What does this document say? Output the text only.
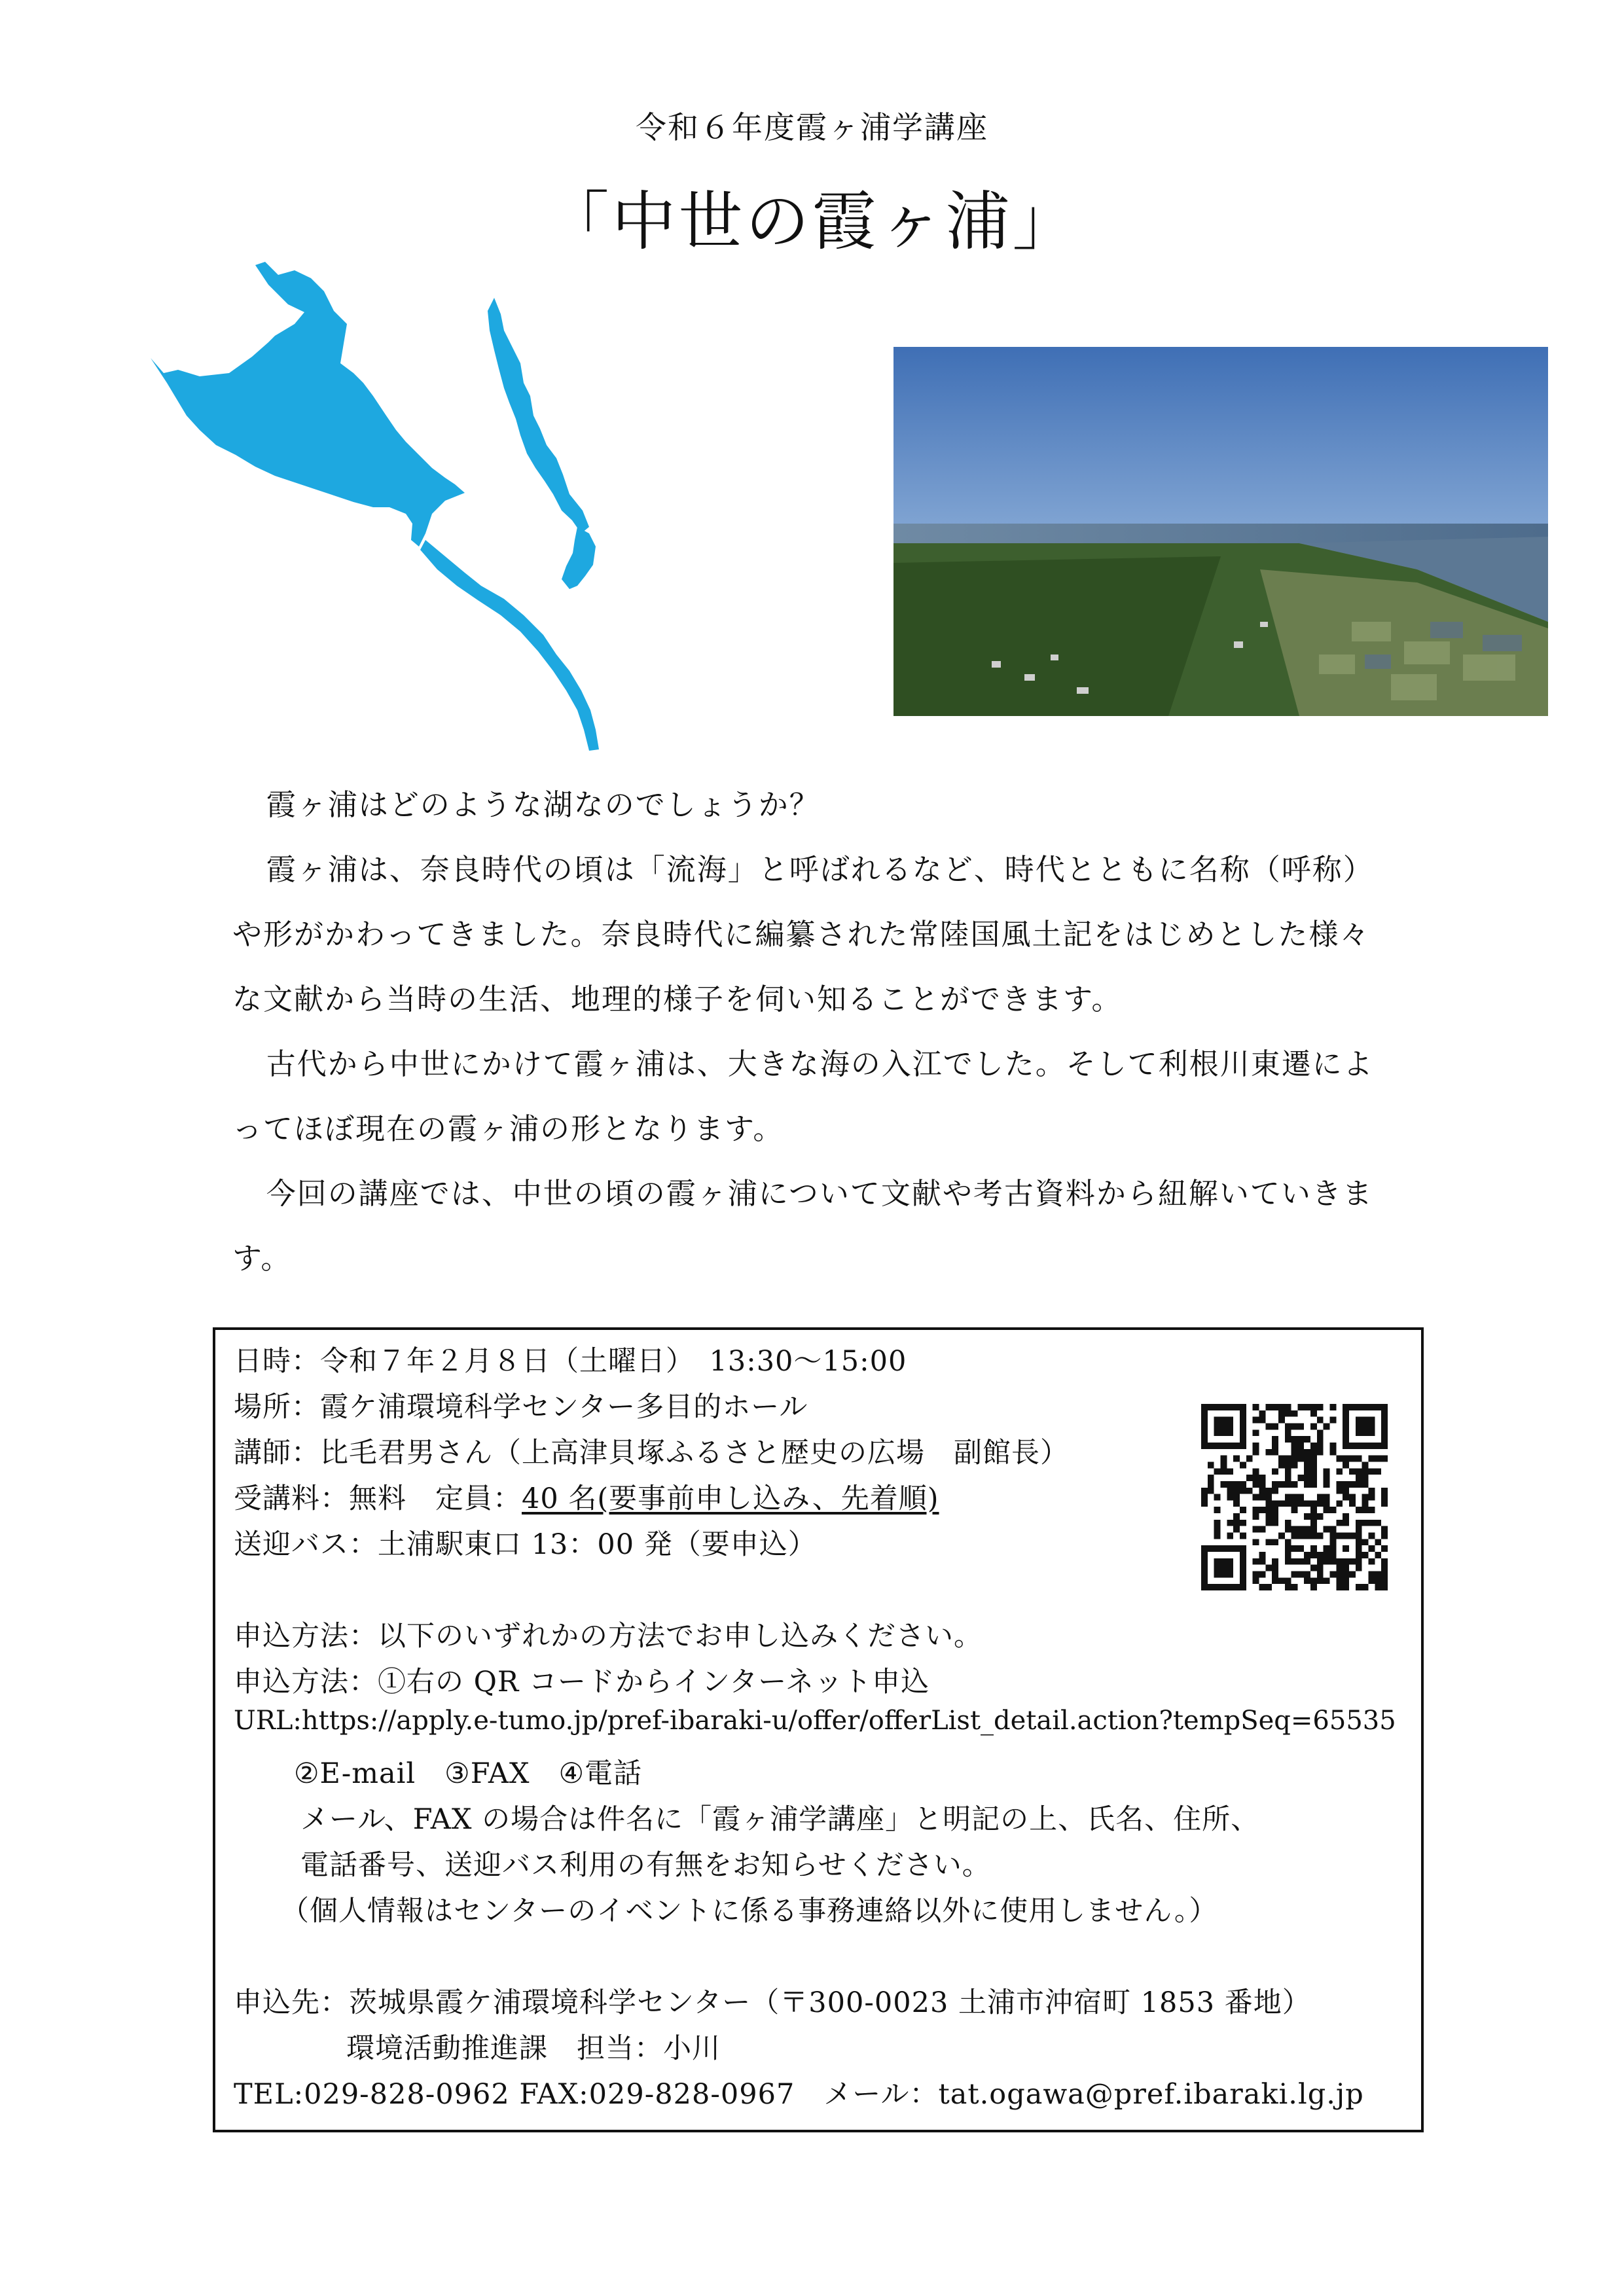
令和６年度霞ヶ浦学講座
「中世の霞ヶ浦」

霞ヶ浦はどのような湖なのでしょうか？

霞ヶ浦は、奈良時代の頃は「流海」と呼ばれるなど、時代とともに名称（呼称）や形がかわってきました。奈良時代に編纂された常陸国風土記をはじめとした様々な文献から当時の生活、地理的様子を伺い知ることができます。

古代から中世にかけて霞ヶ浦は、大きな海の入江でした。そして利根川東遷によってほぼ現在の霞ヶ浦の形となります。

今回の講座では、中世の頃の霞ヶ浦について文献や考古資料から紐解いていきます。

日時：令和７年２月８日（土曜日）　13:30～15:00
場所：霞ケ浦環境科学センター多目的ホール
講師：比毛君男さん（上高津貝塚ふるさと歴史の広場　副館長）
受講料：無料　定員：40 名(要事前申し込み、先着順)
送迎バス：土浦駅東口 13：00 発（要申込）
申込方法：以下のいずれかの方法でお申し込みください。
申込方法：①右の QR コードからインターネット申込
URL:https://apply.e-tumo.jp/pref-ibaraki-u/offer/offerList_detail.action?tempSeq=65535
②E-mail　③FAX　④電話
メール、FAX の場合は件名に「霞ヶ浦学講座」と明記の上、氏名、住所、
電話番号、送迎バス利用の有無をお知らせください。
（個人情報はセンターのイベントに係る事務連絡以外に使用しません。）
申込先：茨城県霞ケ浦環境科学センター（〒300-0023 土浦市沖宿町 1853 番地）
環境活動推進課　担当：小川
TEL:029-828-0962 FAX:029-828-0967　メール：tat.ogawa@pref.ibaraki.lg.jp
